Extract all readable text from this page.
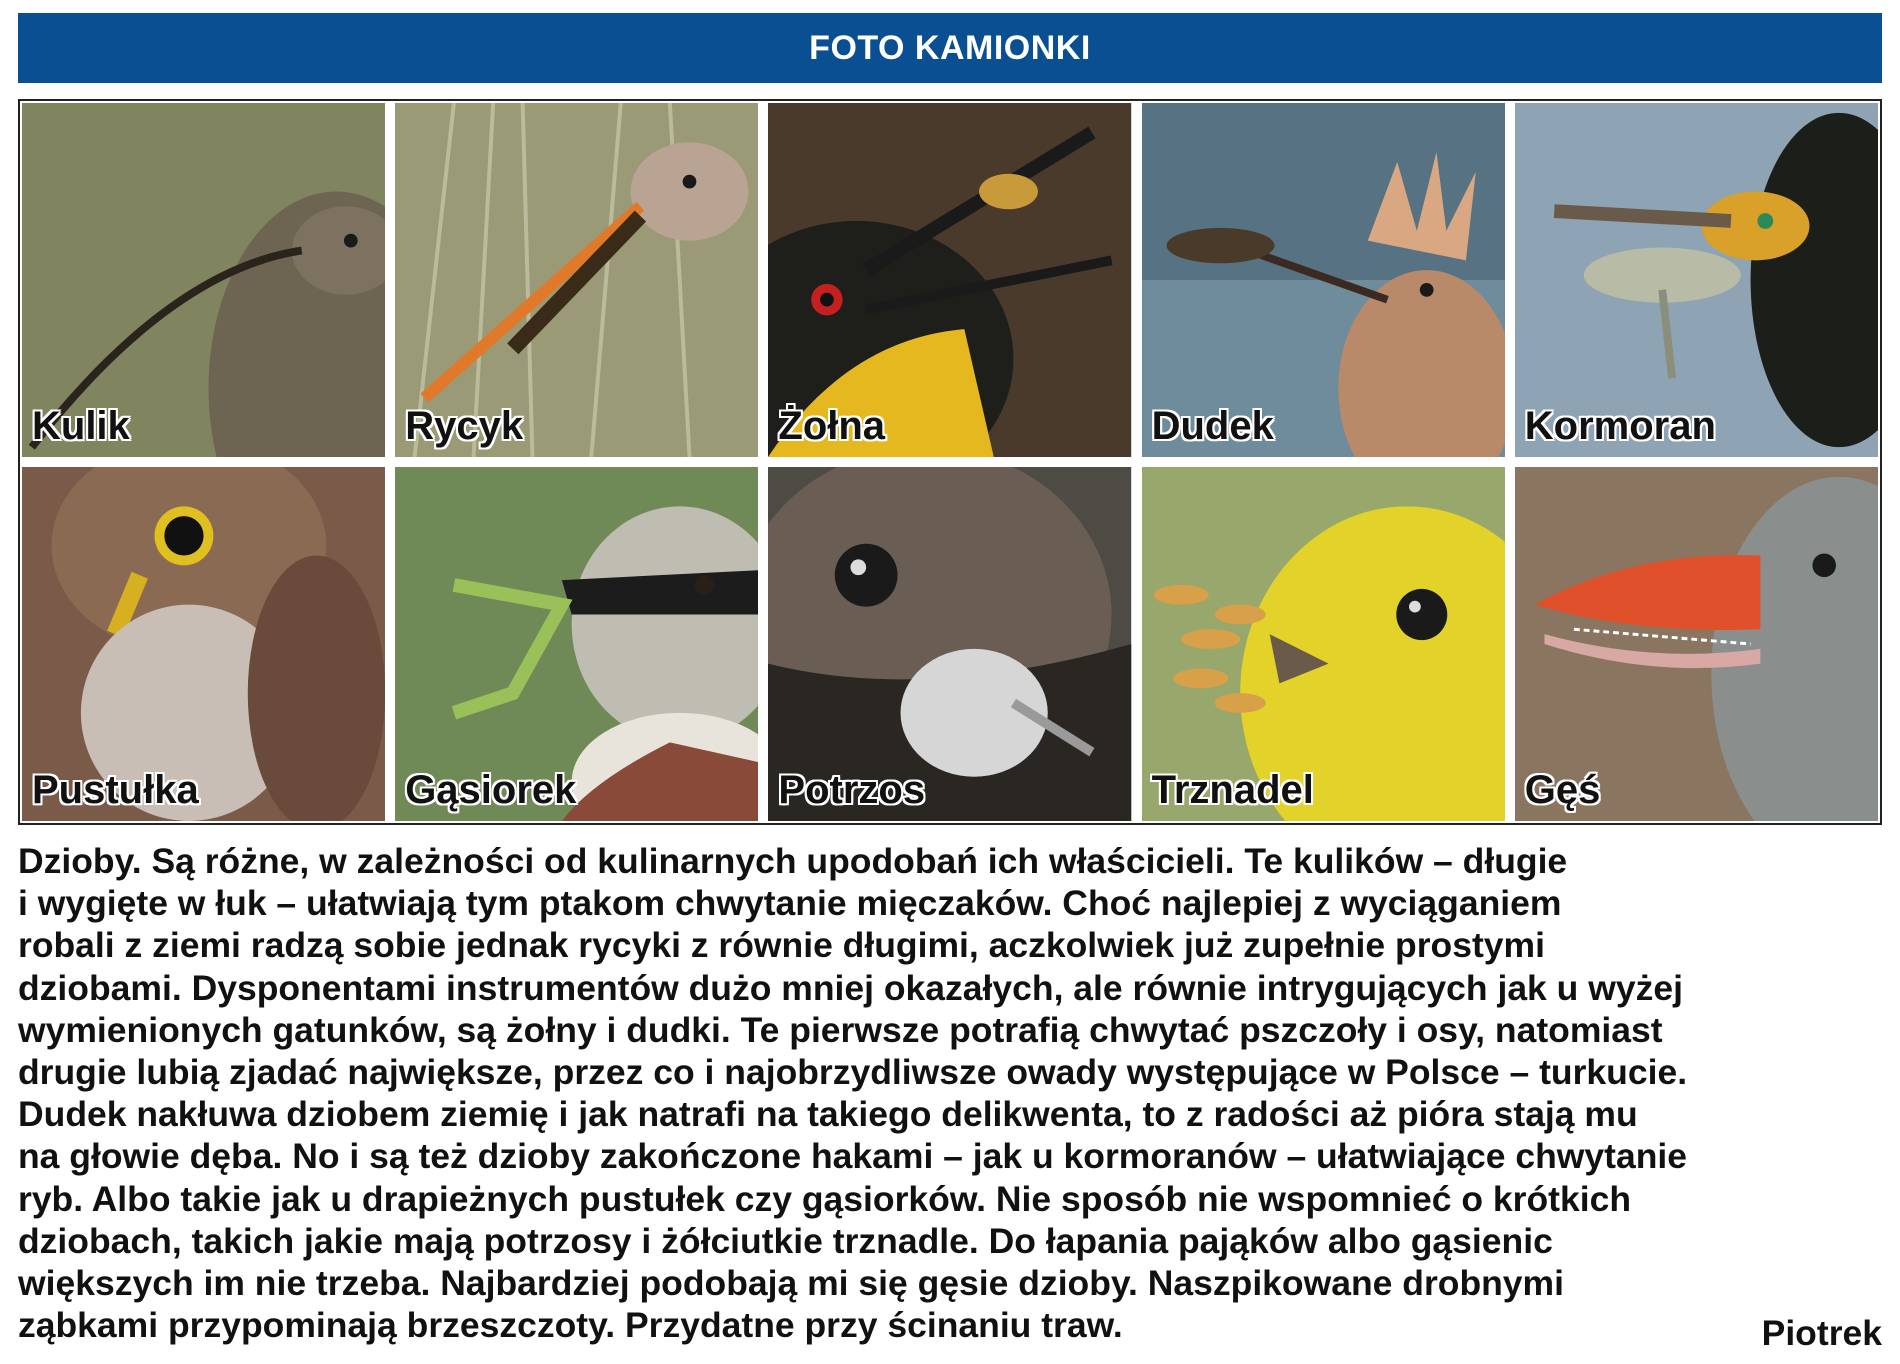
FOTO KAMIONKI
Kulik	Rycyk	Żołna	Dudek	Kormoran
Pustułka	Gąsiorek	Potrzos	Trznadel	Gęś
Dzioby. Są różne, w zależności od kulinarnych upodobań ich właścicieli. Te kulików – długie
i wygięte w łuk – ułatwiają tym ptakom chwytanie mięczaków. Choć najlepiej z wyciąganiem
robali z ziemi radzą sobie jednak rycyki z równie długimi, aczkolwiek już zupełnie prostymi
dziobami. Dysponentami instrumentów dużo mniej okazałych, ale równie intrygujących jak u wyżej
wymienionych gatunków, są żołny i dudki. Te pierwsze potrafią chwytać pszczoły i osy, natomiast
drugie lubią zjadać największe, przez co i najobrzydliwsze owady występujące w Polsce – turkucie.
Dudek nakłuwa dziobem ziemię i jak natrafi na takiego delikwenta, to z radości aż pióra stają mu
na głowie dęba. No i są też dzioby zakończone hakami – jak u kormoranów – ułatwiające chwytanie
ryb. Albo takie jak u drapieżnych pustułek czy gąsiorków. Nie sposób nie wspomnieć o krótkich
dziobach, takich jakie mają potrzosy i żółciutkie trznadle. Do łapania pająków albo gąsienic
większych im nie trzeba. Najbardziej podobają mi się gęsie dzioby. Naszpikowane drobnymi
ząbkami przypominają brzeszczoty. Przydatne przy ścinaniu traw.	Piotrek
